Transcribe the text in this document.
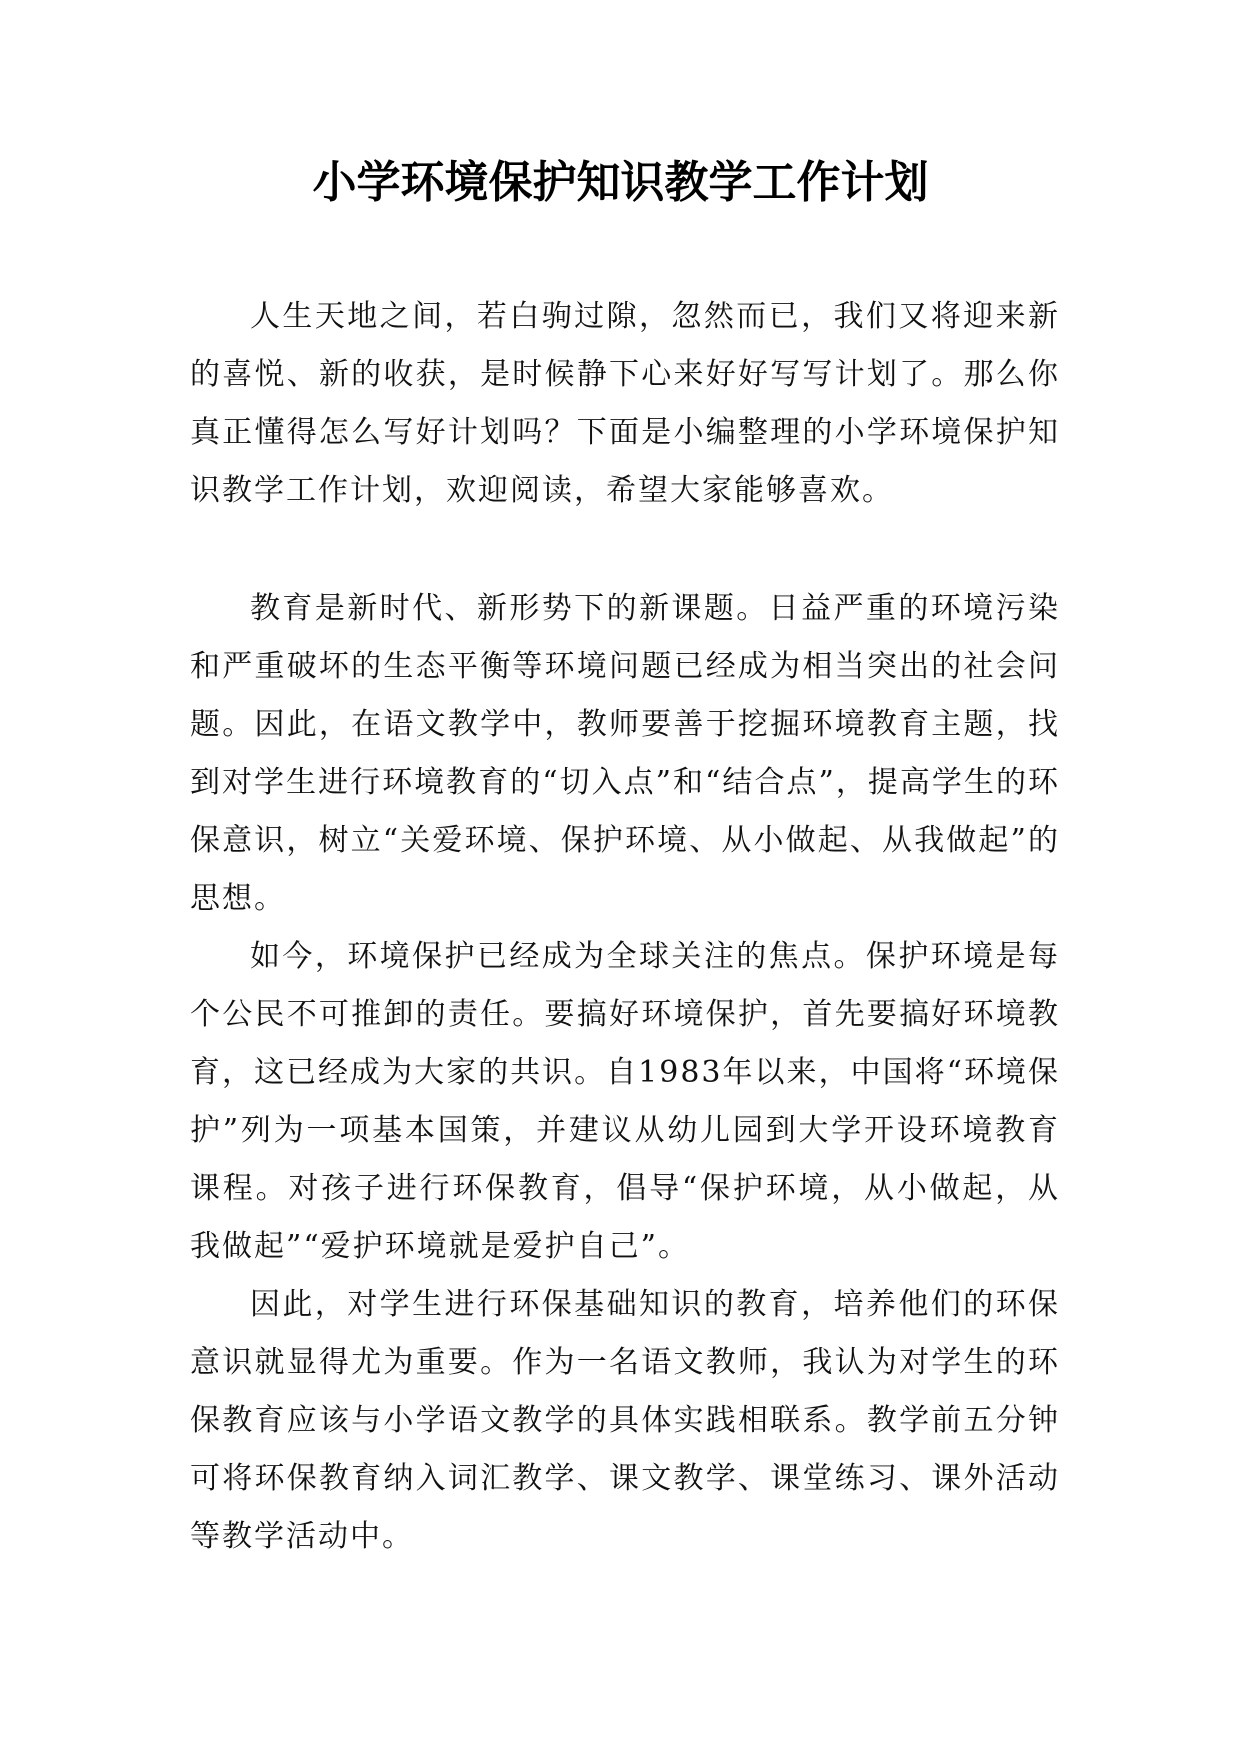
小学环境保护知识教学工作计划

人生天地之间，若白驹过隙，忽然而已，我们又将迎来新的喜悦、新的收获，是时候静下心来好好写写计划了。那么你真正懂得怎么写好计划吗？下面是小编整理的小学环境保护知识教学工作计划，欢迎阅读，希望大家能够喜欢。

教育是新时代、新形势下的新课题。日益严重的环境污染和严重破坏的生态平衡等环境问题已经成为相当突出的社会问题。因此，在语文教学中，教师要善于挖掘环境教育主题，找到对学生进行环境教育的“切入点”和“结合点”，提高学生的环保意识，树立“关爱环境、保护环境、从小做起、从我做起”的思想。

如今，环境保护已经成为全球关注的焦点。保护环境是每个公民不可推卸的责任。要搞好环境保护，首先要搞好环境教育，这已经成为大家的共识。自1983年以来，中国将“环境保护”列为一项基本国策，并建议从幼儿园到大学开设环境教育课程。对孩子进行环保教育，倡导“保护环境，从小做起，从我做起”“爱护环境就是爱护自己”。

因此，对学生进行环保基础知识的教育，培养他们的环保意识就显得尤为重要。作为一名语文教师，我认为对学生的环保教育应该与小学语文教学的具体实践相联系。教学前五分钟可将环保教育纳入词汇教学、课文教学、课堂练习、课外活动等教学活动中。
